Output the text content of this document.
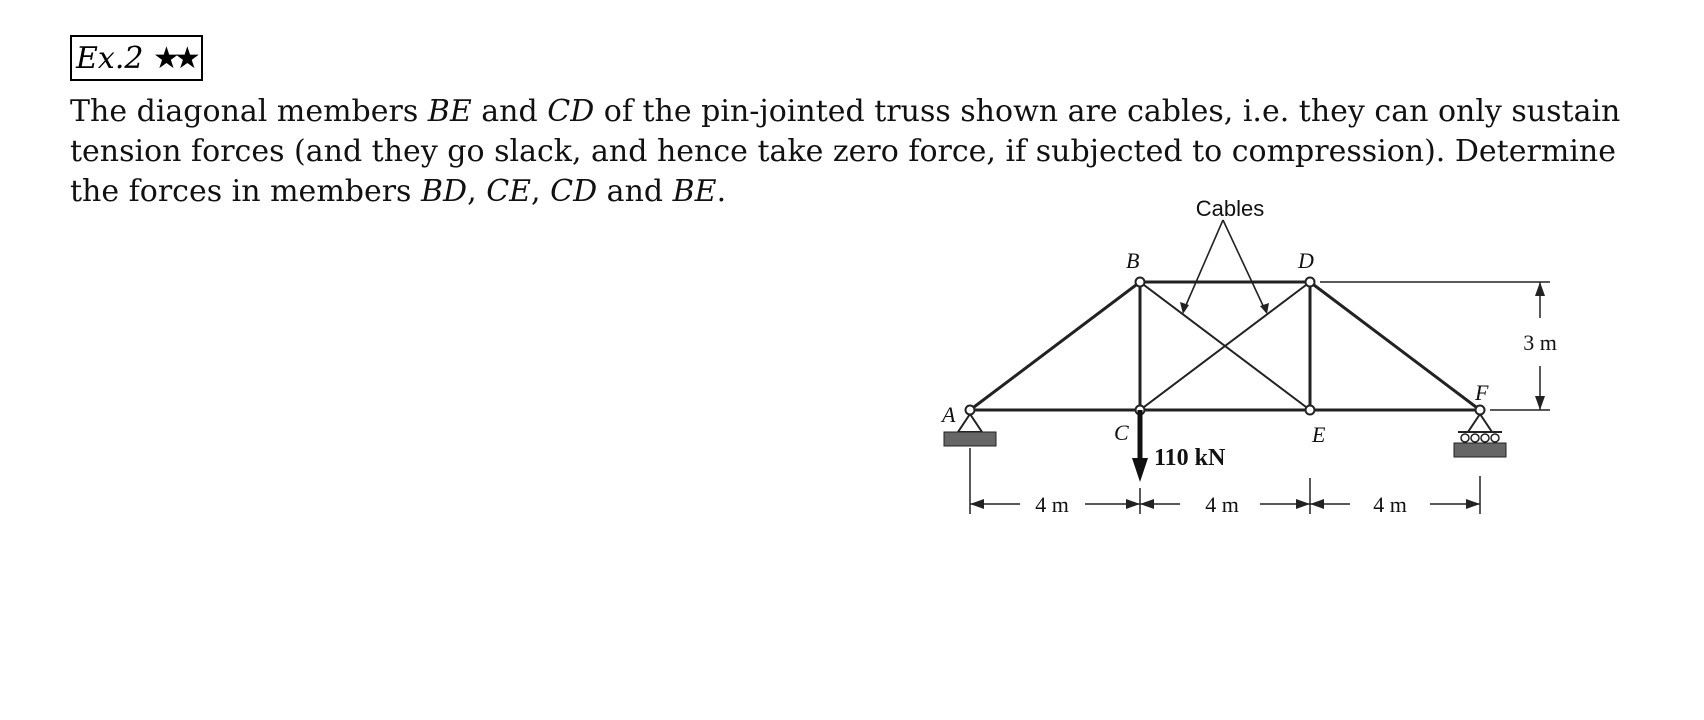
Ex.2 ★★

The diagonal members BE and CD of the pin-jointed truss shown are cables, i.e. they can only sustain tension forces (and they go slack, and hence take zero force, if subjected to compression). Determine the forces in members BD, CE, CD and BE.	Cables
3 m
A
B
C
D
E
F
110 kN
4 m	4 m	4 m
